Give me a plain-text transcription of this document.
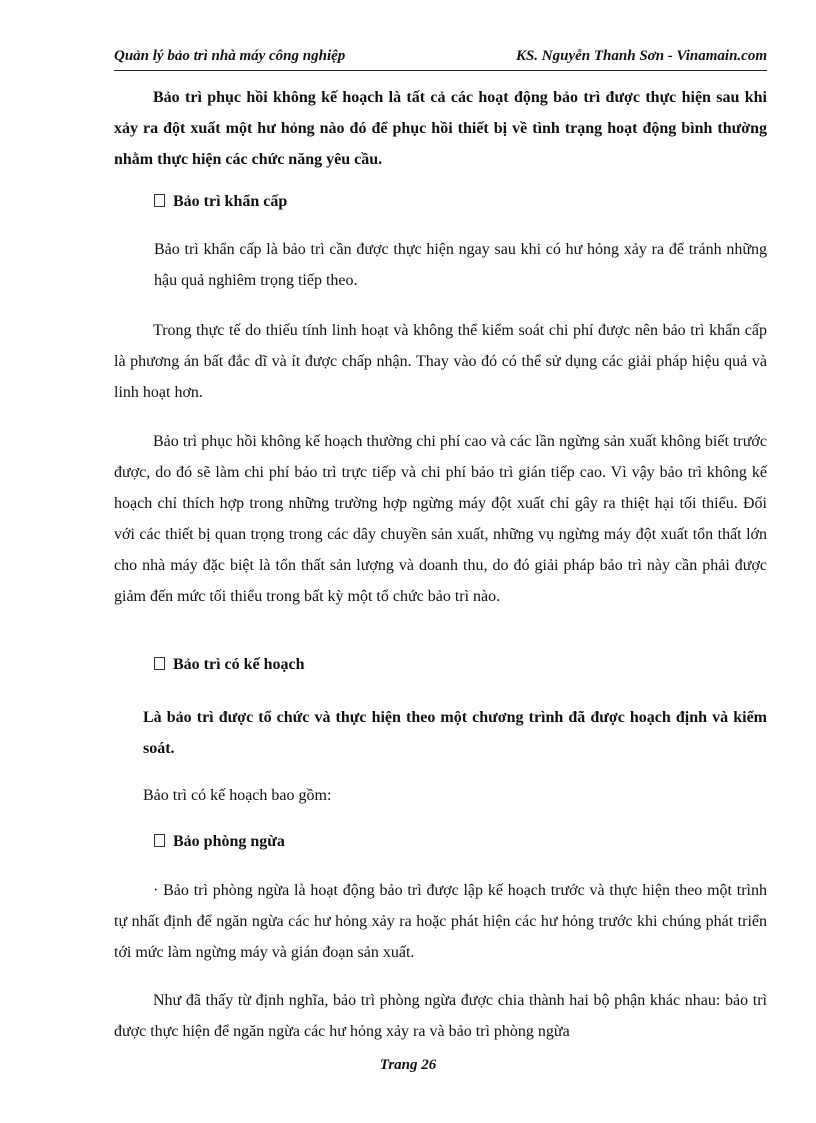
Quản lý bảo trì nhà máy công nghiệp	KS. Nguyễn Thanh Sơn - Vinamain.com
Bảo trì phục hồi không kế hoạch là tất cả các hoạt động bảo trì được thực hiện sau khi xảy ra đột xuất một hư hỏng nào đó để phục hồi thiết bị về tình trạng hoạt động bình thường nhằm thực hiện các chức năng yêu cầu.
Bảo trì khẩn cấp
Bảo trì khẩn cấp là bảo trì cần được thực hiện ngay sau khi có hư hỏng xảy ra để tránh những hậu quả nghiêm trọng tiếp theo.
Trong thực tế do thiếu tính linh hoạt và không thể kiểm soát chi phí được nên bảo trì khẩn cấp là phương án bất đắc dĩ và ít được chấp nhận. Thay vào đó có thể sử dụng các giải pháp hiệu quả và linh hoạt hơn.
Bảo trì phục hồi không kế hoạch thường chi phí cao và các lần ngừng sản xuất không biết trước được, do đó sẽ làm chi phí bảo trì trực tiếp và chi phí bảo trì gián tiếp cao. Vì vậy bảo trì không kế hoạch chỉ thích hợp trong những trường hợp ngừng máy đột xuất chỉ gây ra thiệt hại tối thiểu. Đối với các thiết bị quan trọng trong các dây chuyền sản xuất, những vụ ngừng máy đột xuất tổn thất lớn cho nhà máy đặc biệt là tổn thất sản lượng và doanh thu, do đó giải pháp bảo trì này cần phải được giảm đến mức tối thiểu trong bất kỳ một tổ chức bảo trì nào.
Bảo trì có kế hoạch
Là bảo trì được tổ chức và thực hiện theo một chương trình đã được hoạch định và kiểm soát.
Bảo trì có kế hoạch bao gồm:
Bảo phòng ngừa
· Bảo trì phòng ngừa là hoạt động bảo trì được lập kế hoạch trước và thực hiện theo một trình tự nhất định để ngăn ngừa các hư hỏng xảy ra hoặc phát hiện các hư hỏng trước khi chúng phát triển tới mức làm ngừng máy và gián đoạn sản xuất.
Như đã thấy từ định nghĩa, bảo trì phòng ngừa được chia thành hai bộ phận khác nhau: bảo trì được thực hiện để ngăn ngừa các hư hỏng xảy ra và bảo trì phòng ngừa
Trang 26
